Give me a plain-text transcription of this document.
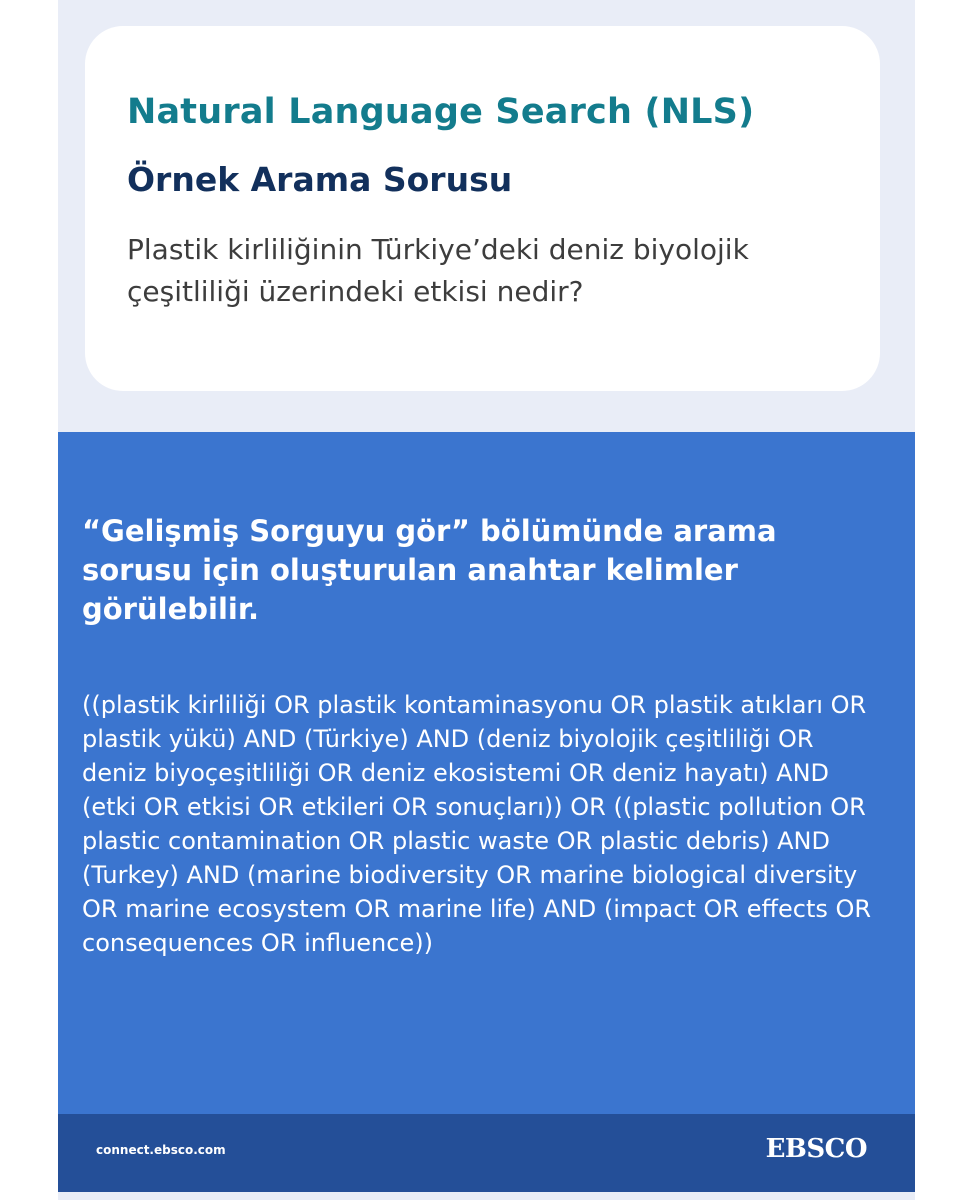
Natural Language Search (NLS)
Örnek Arama Sorusu

Plastik kirliliğinin Türkiye’deki deniz biyolojik çeşitliliği üzerindeki etkisi nedir?

“Gelişmiş Sorguyu gör” bölümünde arama sorusu için oluşturulan anahtar kelimler görülebilir.

((plastik kirliliği OR plastik kontaminasyonu OR plastik atıkları OR plastik yükü) AND (Türkiye) AND (deniz biyolojik çeşitliliği OR deniz biyoçeşitliliği OR deniz ekosistemi OR deniz hayatı) AND (etki OR etkisi OR etkileri OR sonuçları)) OR ((plastic pollution OR plastic contamination OR plastic waste OR plastic debris) AND (Turkey) AND (marine biodiversity OR marine biological diversity OR marine ecosystem OR marine life) AND (impact OR effects OR consequences OR influence))

connect.ebsco.com	EBSCO
